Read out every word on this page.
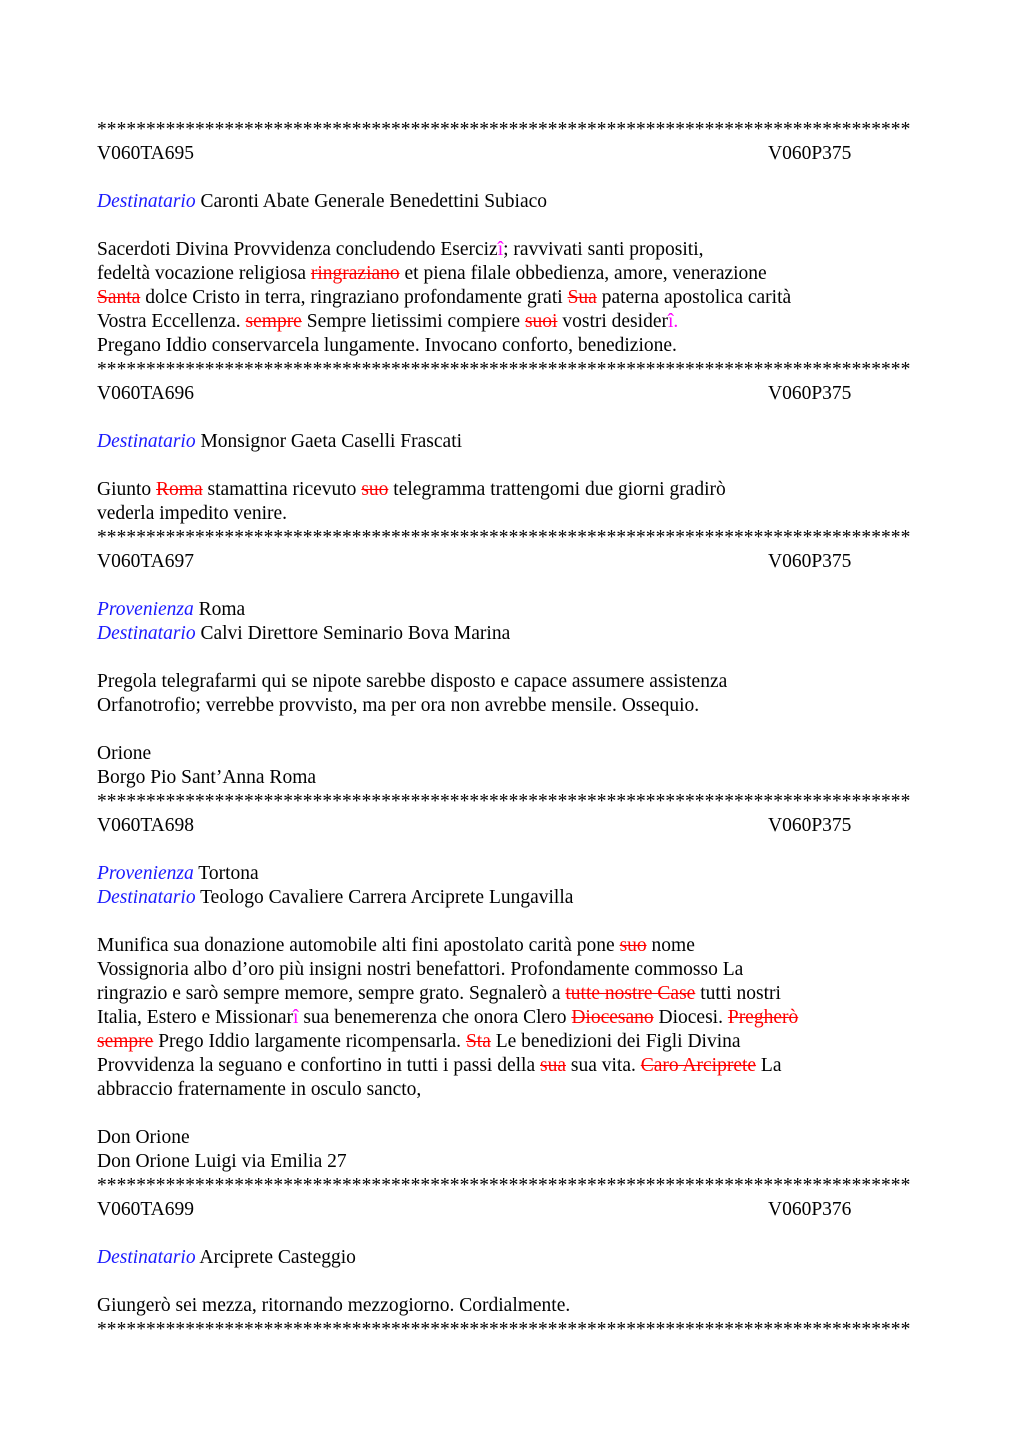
***********************************************************************************
V060TA695	V060P375
Destinatario Caronti Abate Generale Benedettini Subiaco
Sacerdoti Divina Provvidenza concludendo Esercizî; ravvivati santi propositi,
fedeltà vocazione religiosa ringraziano et piena filale obbedienza, amore, venerazione
Santa dolce Cristo in terra, ringraziano profondamente grati Sua paterna apostolica carità
Vostra Eccellenza. sempre Sempre lietissimi compiere suoi vostri desiderî.
Pregano Iddio conservarcela lungamente. Invocano conforto, benedizione.
***********************************************************************************
V060TA696	V060P375
Destinatario Monsignor Gaeta Caselli Frascati
Giunto Roma stamattina ricevuto suo telegramma trattengomi due giorni gradirò
vederla impedito venire.
***********************************************************************************
V060TA697	V060P375
Provenienza Roma
Destinatario Calvi Direttore Seminario Bova Marina
Pregola telegrafarmi qui se nipote sarebbe disposto e capace assumere assistenza
Orfanotrofio; verrebbe provvisto, ma per ora non avrebbe mensile. Ossequio.
Orione
Borgo Pio Sant’Anna Roma
***********************************************************************************
V060TA698	V060P375
Provenienza Tortona
Destinatario Teologo Cavaliere Carrera Arciprete Lungavilla
Munifica sua donazione automobile alti fini apostolato carità pone suo nome
Vossignoria albo d’oro più insigni nostri benefattori. Profondamente commosso La
ringrazio e sarò sempre memore, sempre grato. Segnalerò a tutte nostre Case tutti nostri
Italia, Estero e Missionarî sua benemerenza che onora Clero Diocesano Diocesi. Pregherò
sempre Prego Iddio largamente ricompensarla. Sta Le benedizioni dei Figli Divina
Provvidenza la seguano e confortino in tutti i passi della sua sua vita. Caro Arciprete La
abbraccio fraternamente in osculo sancto,
Don Orione
Don Orione Luigi via Emilia 27
***********************************************************************************
V060TA699	V060P376
Destinatario Arciprete Casteggio
Giungerò sei mezza, ritornando mezzogiorno. Cordialmente.
***********************************************************************************
